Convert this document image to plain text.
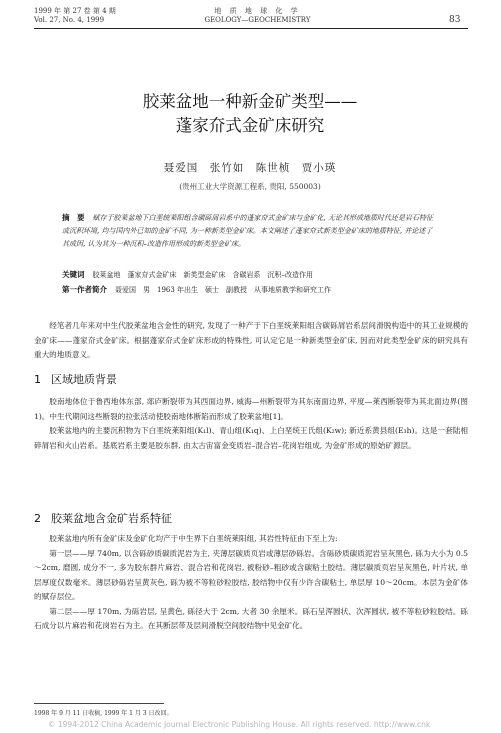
1999 年 第 27 卷 第 4 期
Vol. 27, No. 4, 1999
地 质 地 球 化 学
GEOLOGY—GEOCHEMISTRY	83
胶莱盆地一种新金矿类型——
蓬家夼式金矿床研究
聂爱国　张竹如　陈世桢　贾小瑛
(贵州工业大学资源工程系, 贵阳, 550003)
摘　要 赋存于胶莱盆地下白垩统莱阳组含碳砾屑岩系中的蓬家夼式金矿床与金矿化, 无论其形成地质时代还是岩石特征或沉积环境, 均与国内外已知的金矿不同, 为一种新类型金矿床。本文阐述了蓬家夼式新类型金矿床的地质特征, 并论述了其成因, 认为其为一种沉积–改造作用形成的新类型金矿床。
关键词 胶莱盆地　蓬家夼式金矿床　新类型金矿床　含碳岩系　沉积–改造作用
第一作者简介 聂爱国　男　1963 年出生　硕士　副教授　从事地质教学和研究工作

经笔者几年来对中生代胶莱盆地含金性的研究, 发现了一种产于下白垩统莱阳组含碳砾屑岩系层间滑脱构造中的其工业规模的金矿床——蓬家夼式金矿床。根据蓬家夼式金矿床形成的特殊性, 可认定它是一种新类型金矿床, 因而对此类型金矿床的研究具有重大的地质意义。

1 区域地质背景

胶南地体位于鲁西地体东部, 郯庐断裂带为其西面边界, 威海—州断裂带为其东南面边界, 平度—莱西断裂带为其北面边界(图 1)。中生代期间这些断裂的拉张活动使胶南地体断陷而形成了胶莱盆地[1]。

胶莱盆地内的主要沉积物为下白垩统莱阳组(K₁l)、青山组(K₁q)、上白垩统王氏组(K₂w); 新近系黄县组(E₃h)。这是一套陆相碎屑岩和火山岩系。基底岩系主要是胶东群, 由太古宙富金变质岩–混合岩–花岗岩组成, 为金矿形成的原始矿源层。

2 胶莱盆地含金矿岩系特征

胶莱盆地内所有金矿床及金矿化均产于中生界下白垩统莱阳组, 其岩性特征由下至上为:

第一层——厚 740m, 以含砾砂质碳质泥岩为主, 夹薄层碳质页岩或薄层砂砾岩。含砾砂质碳质泥岩呈灰黑色, 砾为大小为 0.5～2cm, 磨圆, 成分不一, 多为胶东群片麻岩、混合岩和花岗岩, 被粉砂–粗砂或含碳粘土胶结。薄层碳质页岩呈灰黑色, 叶片状, 单层厚度仅数毫米。薄层砂砾岩呈黄灰色, 砾为被不等粒砂粒胶结, 胶结物中仅有少许含碳粘土, 单层厚 10～20cm。本层为金矿体的赋存层位。

第二层——厚 170m, 为砾岩层, 呈黄色, 砾径大于 2cm, 大者 30 余厘米。砾石呈浑圆状、次浑圆状, 被不等粒砂粒胶结。砾石成分以片麻岩和花岗岩石为主。在其断层带及层间滑脱空间胶结物中见金矿化。

1998 年 9 月 11 日收稿, 1999 年 1 月 3 日改回。
© 1994-2012 China Academic Journal Electronic Publishing House. All rights reserved. http://www.cnk
